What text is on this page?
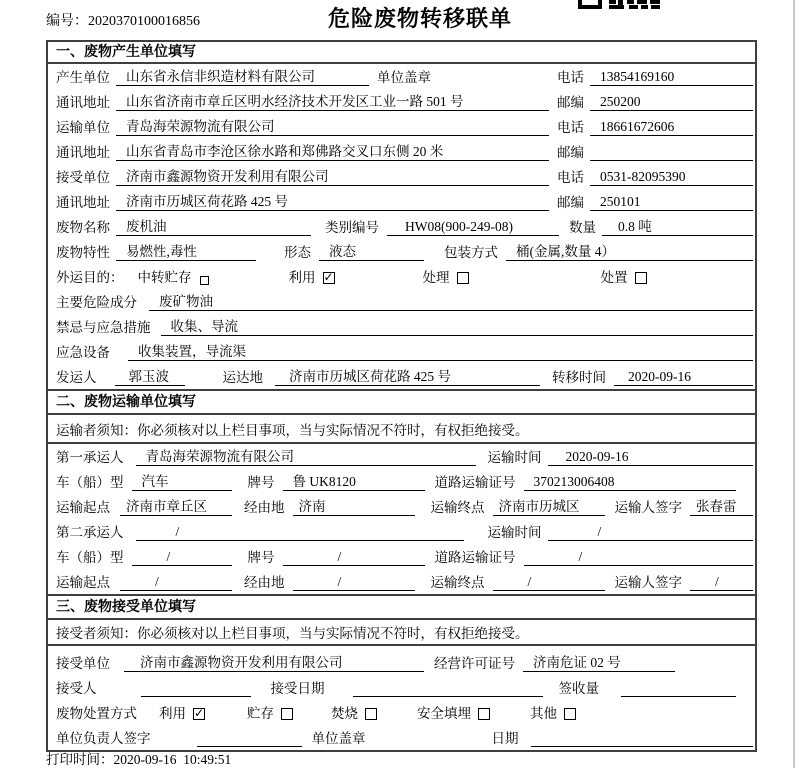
编号：2020370100016856	危险废物转移联单
一、废物产生单位填写
产生单位	山东省永信非织造材料有限公司	单位盖章	电话	13854169160
通讯地址	山东省济南市章丘区明水经济技术开发区工业一路 501 号	邮编	250200
运输单位	青岛海荣源物流有限公司	电话	18661672606
通讯地址	山东省青岛市李沧区徐水路和郑佛路交叉口东侧 20 米	邮编
接受单位	济南市鑫源物资开发利用有限公司	电话	0531-82095390
通讯地址	济南市历城区荷花路 425 号	邮编	250101
废物名称	废机油	类别编号	HW08(900-249-08)	数量	0.8 吨
废物特性	易燃性,毒性	形态	液态	包装方式	桶(金属,数量 4）
外运目的： 中转贮存	利用 ✓	处理	处置
主要危险成分	废矿物油
禁忌与应急措施	收集、导流
应急设备	收集装置，导流渠
发运人	郭玉波	运达地	济南市历城区荷花路 425 号	转移时间	2020-09-16
二、废物运输单位填写
运输者须知：你必须核对以上栏目事项，当与实际情况不符时，有权拒绝接受。
第一承运人	青岛海荣源物流有限公司	运输时间	2020-09-16
车（船）型	汽车	牌号	鲁 UK8120	道路运输证号	370213006408
运输起点	济南市章丘区	经由地	济南	运输终点	济南市历城区	运输人签字	张春雷
第二承运人	/	运输时间	/
车（船）型	/	牌号	/	道路运输证号	/
运输起点	/	经由地	/	运输终点	/	运输人签字	/
三、废物接受单位填写
接受者须知：你必须核对以上栏目事项，当与实际情况不符时，有权拒绝接受。
接受单位	济南市鑫源物资开发利用有限公司	经营许可证号	济南危证 02 号
接受人	接受日期	签收量
废物处置方式 利用 ✓	贮存	焚烧	安全填埋	其他
单位负责人签字	单位盖章	日期
打印时间：2020-09-16  10:49:51
